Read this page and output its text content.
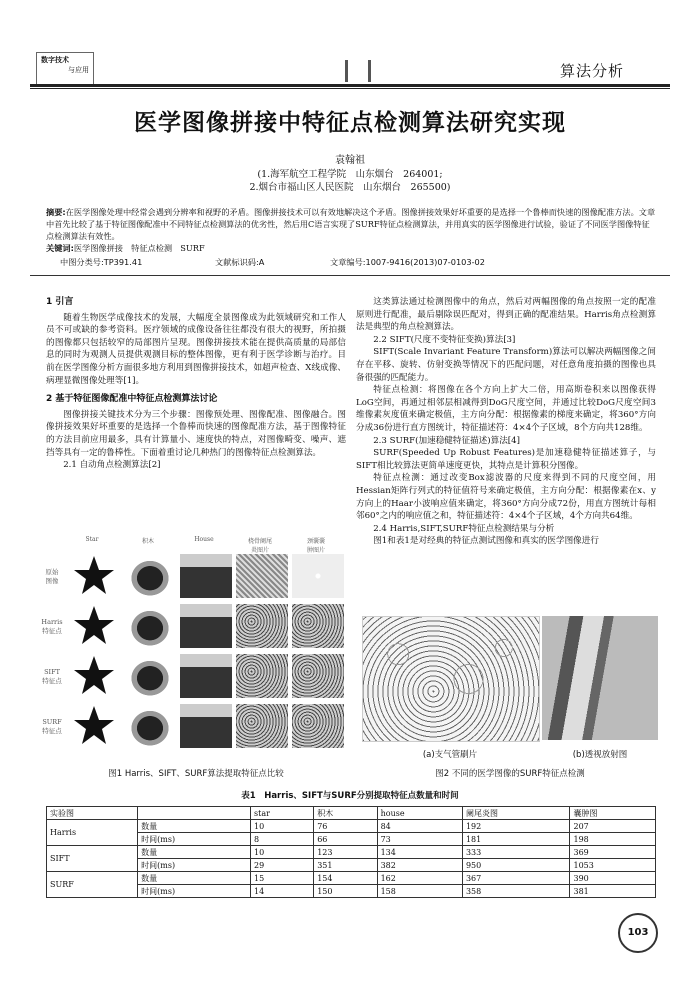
数字技术
与应用	算法分析
医学图像拼接中特征点检测算法研究实现
袁翰祖
(1.海军航空工程学院　山东烟台　264001;
2.烟台市福山区人民医院　山东烟台　265500)
摘要:在医学图像处理中经常会遇到分辨率和视野的矛盾。图像拼接技术可以有效地解决这个矛盾。图像拼接效果好坏重要的是选择一个鲁棒而快速的图像配准方法。文章中首先比较了基于特征图像配准中不同特征点检测算法的优劣性，然后用C语言实现了SURF特征点检测算法，并用真实的医学图像进行试验，验证了不同医学图像特征点检测算法有效性。
关键词:医学图像拼接　特征点检测　SURF
中图分类号:TP391.41	文献标识码:A	文章编号:1007-9416(2013)07-0103-02
1 引言

随着生物医学成像技术的发展，大幅度全景图像成为此领域研究和工作人员不可或缺的参考资料。医疗领域的成像设备往往都没有很大的视野，所拍摄的图像都只包括较窄的局部图片呈现。图像拼接技术能在提供高质量的局部信息的同时为观测人员提供观测目标的整体图像，更有利于医学诊断与治疗。目前在医学图像分析方面很多地方利用到图像拼接技术，如超声检查、X线成像、病理显微图像处理等[1]。

2 基于特征图像配准中特征点检测算法讨论

图像拼接关键技术分为三个步骤：图像预处理、图像配准、图像融合。图像拼接效果好坏重要的是选择一个鲁棒而快速的图像配准方法，基于图像特征的方法目前应用最多，具有计算量小、速度快的特点，对图像畸变、噪声、遮挡等具有一定的鲁棒性。下面着重讨论几种热门的图像特征点检测算法。

2.1 自动角点检测算法[2]
Star	积木	House	桡骨阑尾
炎图片
颈囊囊
肿图片
原始
图像
Harris
特征点
SIFT
特征点
SURF
特征点
图1 Harris、SIFT、SURF算法提取特征点比较

这类算法通过检测图像中的角点，然后对两幅图像的角点按照一定的配准原则进行配准，最后剔除误匹配对，得到正确的配准结果。Harris角点检测算法是典型的角点检测算法。

2.2 SIFT(尺度不变特征变换)算法[3]

SIFT(Scale Invariant Feature Transform)算法可以解决两幅图像之间存在平移、旋转、仿射变换等情况下的匹配问题，对任意角度拍摄的图像也具备很强的匹配能力。

特征点检测：将图像在各个方向上扩大二倍，用高斯卷积来以图像获得LoG空间，再通过相邻层相减得到DoG尺度空间，并通过比较DoG尺度空间3维像素灰度值来确定极值，主方向分配：根据像素的梯度来确定，将360°方向分成36份进行直方图统计，特征描述符：4×4个子区域，8个方向共128维。

2.3 SURF(加速稳健特征描述)算法[4]

SURF(Speeded Up Robust Features)是加速稳健特征描述算子，与SIFT相比较算法更简单速度更快，其特点是计算积分图像。

特征点检测：通过改变Box滤波器的尺度来得到不同的尺度空间，用Hessian矩阵行列式的特征值符号来确定极值，主方向分配：根据像素在x、y方向上的Haar小波响应值来确定，将360°方向分成72份，用直方图统计每相邻60°之内的响应值之和，特征描述符：4×4个子区域，4个方向共64维。

2.4 Harris,SIFT,SURF特征点检测结果与分析

图1和表1是对经典的特征点测试图像和真实的医学图像进行

(a)支气管刷片	(b)透视放射图
图2 不同的医学图像的SURF特征点检测
表1　Harris、SIFT与SURF分别提取特征点数量和时间
实验图		star	积木	house	阑尾炎图	囊肿图
Harris	数量	10	76	84	192	207
	时间(ms)	8	66	73	181	198
SIFT	数量	10	123	134	333	369
	时间(ms)	29	351	382	950	1053
SURF	数量	15	154	162	367	390
	时间(ms)	14	150	158	358	381
103
